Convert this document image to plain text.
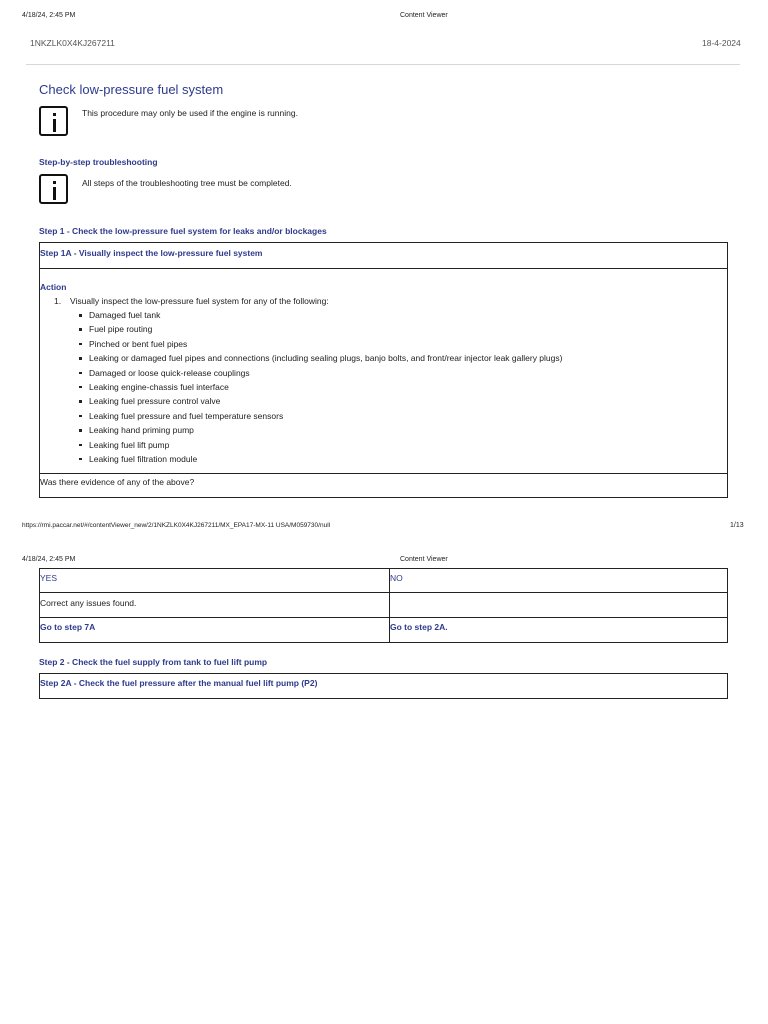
4/18/24, 2:45 PM	Content Viewer
1NKZLK0X4KJ267211	18-4-2024
Check low-pressure fuel system
This procedure may only be used if the engine is running.
Step-by-step troubleshooting
All steps of the troubleshooting tree must be completed.
Step 1 - Check the low-pressure fuel system for leaks and/or blockages
Step 1A - Visually inspect the low-pressure fuel system
Action
1. Visually inspect the low-pressure fuel system for any of the following:
Damaged fuel tank
Fuel pipe routing
Pinched or bent fuel pipes
Leaking or damaged fuel pipes and connections (including sealing plugs, banjo bolts, and front/rear injector leak gallery plugs)
Damaged or loose quick-release couplings
Leaking engine-chassis fuel interface
Leaking fuel pressure control valve
Leaking fuel pressure and fuel temperature sensors
Leaking hand priming pump
Leaking fuel lift pump
Leaking fuel filtration module
Was there evidence of any of the above?
https://rmi.paccar.net/#/contentViewer_new/2/1NKZLK0X4KJ267211/MX_EPA17-MX-11 USA/M059730/null	1/13
4/18/24, 2:45 PM	Content Viewer
YES	NO
Correct any issues found.
Go to step 7A	Go to step 2A.
Step 2 - Check the fuel supply from tank to fuel lift pump
Step 2A - Check the fuel pressure after the manual fuel lift pump (P2)
